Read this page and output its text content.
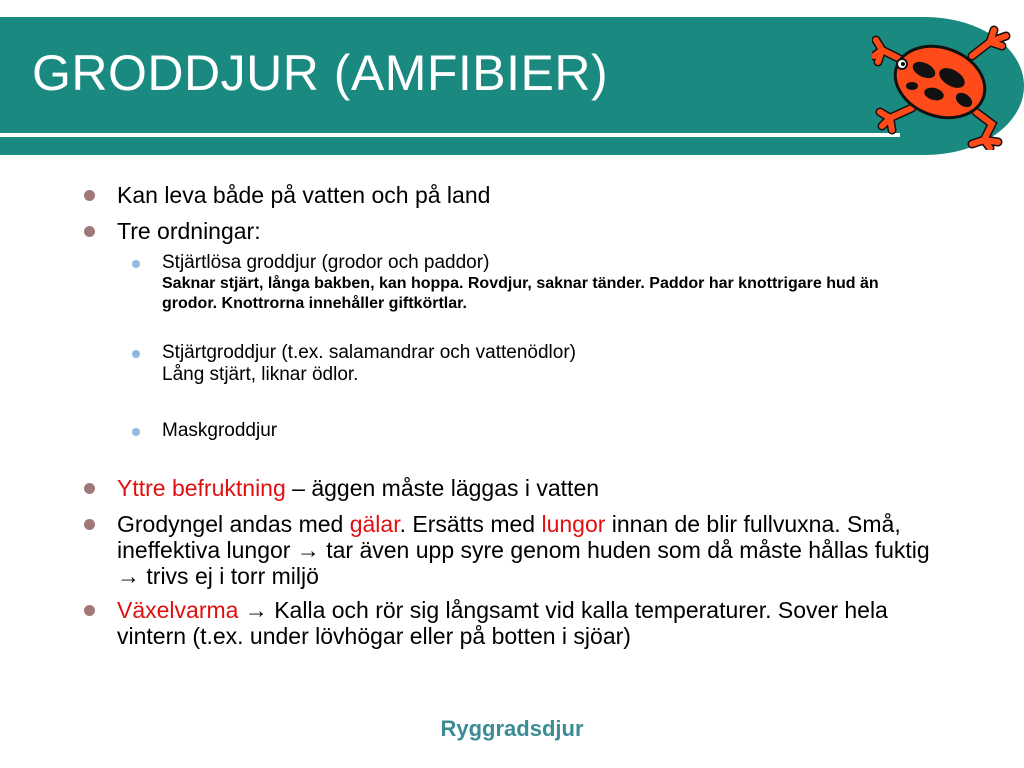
GRODDJUR (AMFIBIER)
Kan leva både på vatten och på land
Tre ordningar:
Stjärtlösa groddjur (grodor och paddor)
Saknar stjärt, långa bakben, kan hoppa. Rovdjur, saknar tänder. Paddor har knottrigare hud än grodor. Knottrorna innehåller giftkörtlar.
Stjärtgroddjur (t.ex. salamandrar och vattenödlor)
Lång stjärt, liknar ödlor.
Maskgroddjur
Yttre befruktning – äggen måste läggas i vatten
Grodyngel andas med gälar. Ersätts med lungor innan de blir fullvuxna. Små, ineffektiva lungor → tar även upp syre genom huden som då måste hållas fuktig → trivs ej i torr miljö
Växelvarma → Kalla och rör sig långsamt vid kalla temperaturer. Sover hela vintern (t.ex. under lövhögar eller på botten i sjöar)
Ryggradsdjur
